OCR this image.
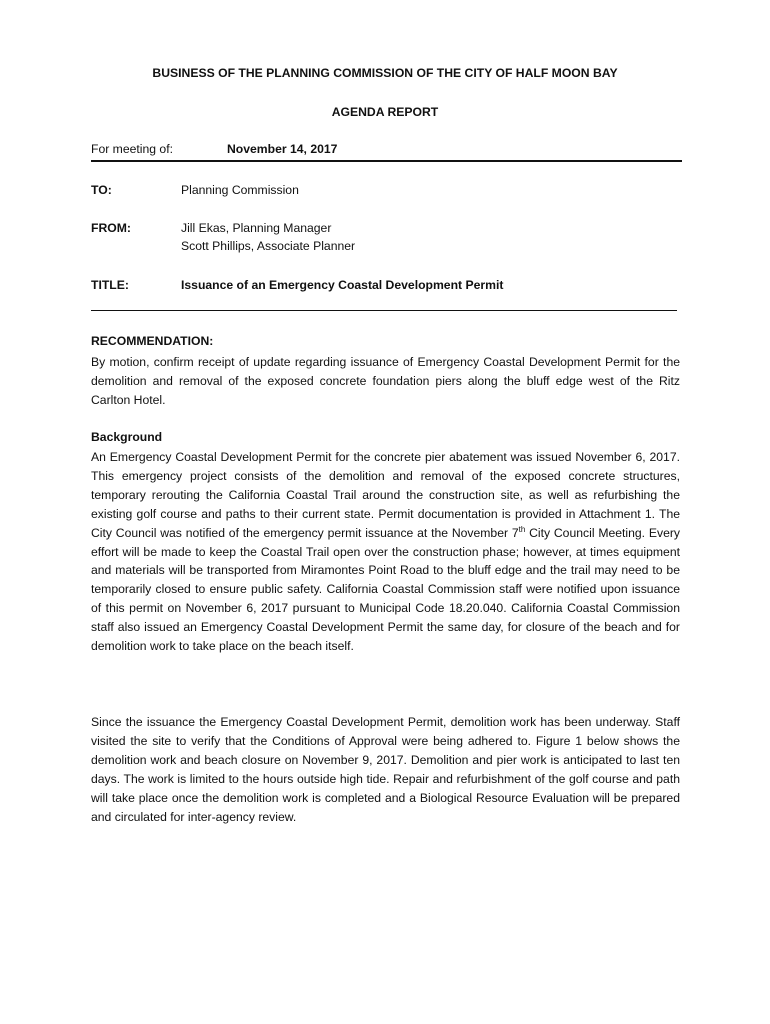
BUSINESS OF THE PLANNING COMMISSION OF THE CITY OF HALF MOON BAY
AGENDA REPORT
For meeting of:	November 14, 2017
TO:	Planning Commission
FROM:	Jill Ekas, Planning Manager
Scott Phillips, Associate Planner
TITLE:	Issuance of an Emergency Coastal Development Permit
RECOMMENDATION:
By motion, confirm receipt of update regarding issuance of Emergency Coastal Development Permit for the demolition and removal of the exposed concrete foundation piers along the bluff edge west of the Ritz Carlton Hotel.
Background
An Emergency Coastal Development Permit for the concrete pier abatement was issued November 6, 2017. This emergency project consists of the demolition and removal of the exposed concrete structures, temporary rerouting the California Coastal Trail around the construction site, as well as refurbishing the existing golf course and paths to their current state. Permit documentation is provided in Attachment 1. The City Council was notified of the emergency permit issuance at the November 7th City Council Meeting. Every effort will be made to keep the Coastal Trail open over the construction phase; however, at times equipment and materials will be transported from Miramontes Point Road to the bluff edge and the trail may need to be temporarily closed to ensure public safety. California Coastal Commission staff were notified upon issuance of this permit on November 6, 2017 pursuant to Municipal Code 18.20.040. California Coastal Commission staff also issued an Emergency Coastal Development Permit the same day, for closure of the beach and for demolition work to take place on the beach itself.
Since the issuance the Emergency Coastal Development Permit, demolition work has been underway. Staff visited the site to verify that the Conditions of Approval were being adhered to. Figure 1 below shows the demolition work and beach closure on November 9, 2017. Demolition and pier work is anticipated to last ten days. The work is limited to the hours outside high tide. Repair and refurbishment of the golf course and path will take place once the demolition work is completed and a Biological Resource Evaluation will be prepared and circulated for inter-agency review.
